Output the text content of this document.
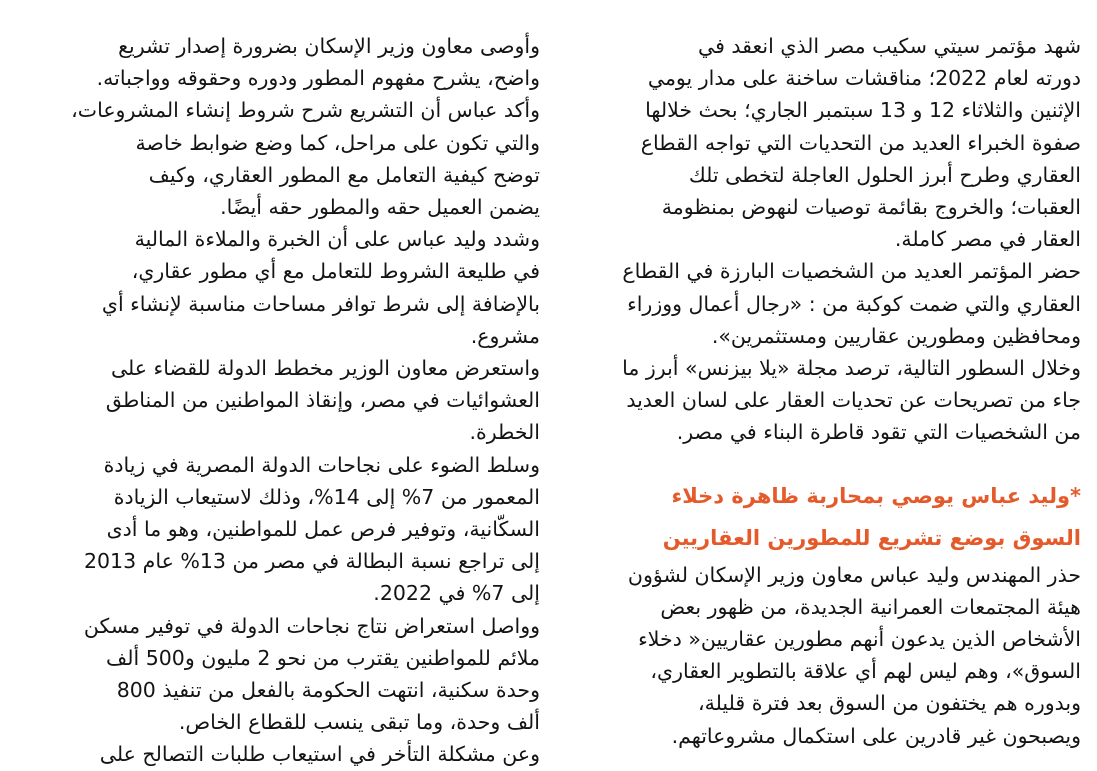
شهد مؤتمر سيتي سكيب مصر الذي انعقد في
دورته لعام 2022؛ مناقشات ساخنة على مدار يومي
الإثنين والثلاثاء 12 و 13 سبتمبر الجاري؛ بحث خلالها
صفوة الخبراء العديد من التحديات التي تواجه القطاع
العقاري وطرح أبرز الحلول العاجلة لتخطى تلك
العقبات؛ والخروج بقائمة توصيات لنهوض بمنظومة
العقار في مصر كاملة.

حضر المؤتمر العديد من الشخصيات البارزة في القطاع
العقاري والتي ضمت كوكبة من : «رجال أعمال ووزراء
ومحافظين ومطورين عقاريين ومستثمرين».

وخلال السطور التالية، ترصد مجلة «يلا بيزنس» أبرز ما
جاء من تصريحات عن تحديات العقار على لسان العديد
من الشخصيات التي تقود قاطرة البناء في مصر.

*وليد عباس يوصي بمحاربة ظاهرة دخلاء
السوق بوضع تشريع للمطورين العقاريين

حذر المهندس وليد عباس معاون وزير الإسكان لشؤون
هيئة المجتمعات العمرانية الجديدة، من ظهور بعض
الأشخاص الذين يدعون أنهم مطورين عقاريين« دخلاء
السوق»، وهم ليس لهم أي علاقة بالتطوير العقاري،
وبدوره هم يختفون من السوق بعد فترة قليلة،
ويصبحون غير قادرين على استكمال مشروعاتهم.

وأوصى معاون وزير الإسكان بضرورة إصدار تشريع
واضح، يشرح مفهوم المطور ودوره وحقوقه وواجباته.

وأكد عباس أن التشريع شرح شروط إنشاء المشروعات،
والتي تكون على مراحل، كما وضع ضوابط خاصة
توضح كيفية التعامل مع المطور العقاري، وكيف
يضمن العميل حقه والمطور حقه أيضًا.

وشدد وليد عباس على أن الخبرة والملاءة المالية
في طليعة الشروط للتعامل مع أي مطور عقاري،
بالإضافة إلى شرط توافر مساحات مناسبة لإنشاء أي
مشروع.

واستعرض معاون الوزير مخطط الدولة للقضاء على
العشوائيات في مصر، وإنقاذ المواطنين من المناطق
الخطرة.

وسلط الضوء على نجاحات الدولة المصرية في زيادة
المعمور من 7% إلى 14%، وذلك لاستيعاب الزيادة
السكّانية، وتوفير فرص عمل للمواطنين، وهو ما أدى
إلى تراجع نسبة البطالة في مصر من 13% عام 2013
إلى 7% في 2022.

وواصل استعراض نتاج نجاحات الدولة في توفير مسكن
ملائم للمواطنين يقترب من نحو 2 مليون و500 ألف
وحدة سكنية، انتهت الحكومة بالفعل من تنفيذ 800
ألف وحدة، وما تبقى ينسب للقطاع الخاص.

وعن مشكلة التأخر في استيعاب طلبات التصالح على
